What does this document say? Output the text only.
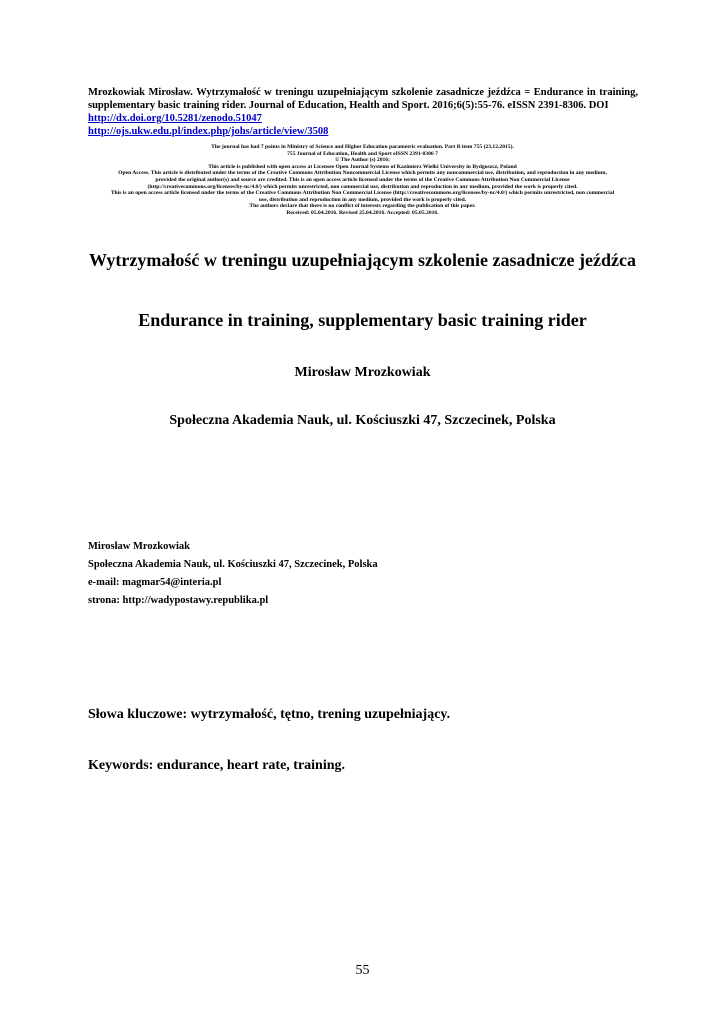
Mrozkowiak Mirosław. Wytrzymałość w treningu uzupełniającym szkolenie zasadnicze jeźdźca = Endurance in training, supplementary basic training rider. Journal of Education, Health and Sport. 2016;6(5):55-76. eISSN 2391-8306. DOI
http://dx.doi.org/10.5281/zenodo.51047
http://ojs.ukw.edu.pl/index.php/johs/article/view/3508
The journal has had 7 points in Ministry of Science and Higher Education parametric evaluation. Part B item 755 (23.12.2015).
755 Journal of Education, Health and Sport eISSN 2391-8306 7
© The Author (s) 2016;
This article is published with open access at Licensee Open Journal Systems of Kazimierz Wielki University in Bydgoszcz, Poland
Open Access. This article is distributed under the terms of the Creative Commons Attribution Noncommercial License which permits any noncommercial use, distribution, and reproduction in any medium,
provided the original author(s) and source are credited. This is an open access article licensed under the terms of the Creative Commons Attribution Non Commercial License
(http://creativecommons.org/licenses/by-nc/4.0/) which permits unrestricted, non commercial use, distribution and reproduction in any medium, provided the work is properly cited.
This is an open access article licensed under the terms of the Creative Commons Attribution Non Commercial License (http://creativecommons.org/licenses/by-nc/4.0/) which permits unrestricted, non commercial
use, distribution and reproduction in any medium, provided the work is properly cited.
The authors declare that there is no conflict of interests regarding the publication of this paper.
Received: 05.04.2016. Revised 25.04.2016. Accepted: 05.05.2016.
Wytrzymałość w treningu uzupełniającym szkolenie zasadnicze jeźdźca
Endurance in training, supplementary basic training rider
Mirosław Mrozkowiak
Społeczna Akademia Nauk, ul. Kościuszki 47, Szczecinek, Polska
Mirosław Mrozkowiak
Społeczna Akademia Nauk, ul. Kościuszki 47, Szczecinek, Polska
e-mail: magmar54@interia.pl
strona: http://wadypostawy.republika.pl
Słowa kluczowe: wytrzymałość, tętno, trening uzupełniający.
Keywords: endurance, heart rate, training.
55
